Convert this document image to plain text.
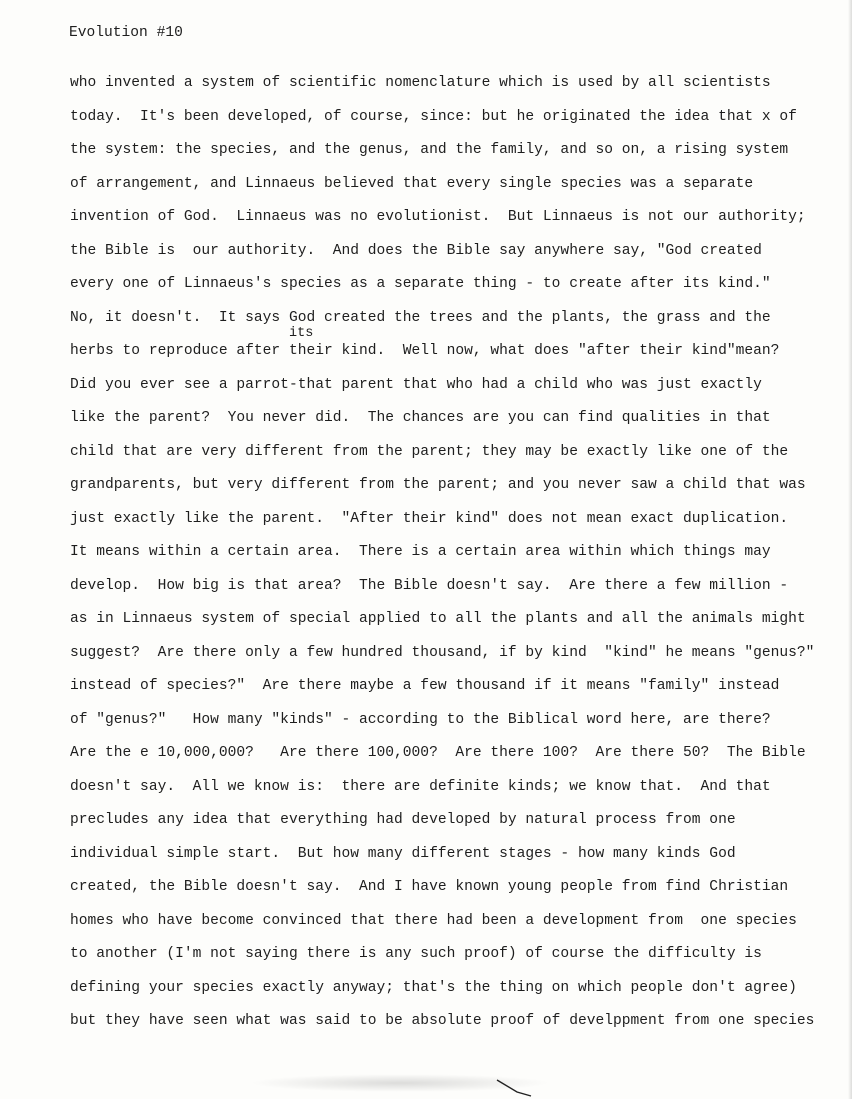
Evolution #10
its
who invented a system of scientific nomenclature which is used by all scientists
today.  It's been developed, of course, since: but he originated the idea that x of
the system: the species, and the genus, and the family, and so on, a rising system
of arrangement, and Linnaeus believed that every single species was a separate
invention of God.  Linnaeus was no evolutionist.  But Linnaeus is not our authority;
the Bible is  our authority.  And does the Bible say anywhere say, "God created
every one of Linnaeus's species as a separate thing - to create after its kind."
No, it doesn't.  It says God created the trees and the plants, the grass and the
herbs to reproduce after their kind.  Well now, what does "after their kind"mean?
Did you ever see a parrot-that parent that who had a child who was just exactly
like the parent?  You never did.  The chances are you can find qualities in that
child that are very different from the parent; they may be exactly like one of the
grandparents, but very different from the parent; and you never saw a child that was
just exactly like the parent.  "After their kind" does not mean exact duplication.
It means within a certain area.  There is a certain area within which things may
develop.  How big is that area?  The Bible doesn't say.  Are there a few million -
as in Linnaeus system of special applied to all the plants and all the animals might
suggest?  Are there only a few hundred thousand, if by kind  "kind" he means "genus?"
instead of species?"  Are there maybe a few thousand if it means "family" instead
of "genus?"   How many "kinds" - according to the Biblical word here, are there?
Are the e 10,000,000?   Are there 100,000?  Are there 100?  Are there 50?  The Bible
doesn't say.  All we know is:  there are definite kinds; we know that.  And that
precludes any idea that everything had developed by natural process from one
individual simple start.  But how many different stages - how many kinds God
created, the Bible doesn't say.  And I have known young people from find Christian
homes who have become convinced that there had been a development from  one species
to another (I'm not saying there is any such proof) of course the difficulty is
defining your species exactly anyway; that's the thing on which people don't agree)
but they have seen what was said to be absolute proof of develppment from one species
